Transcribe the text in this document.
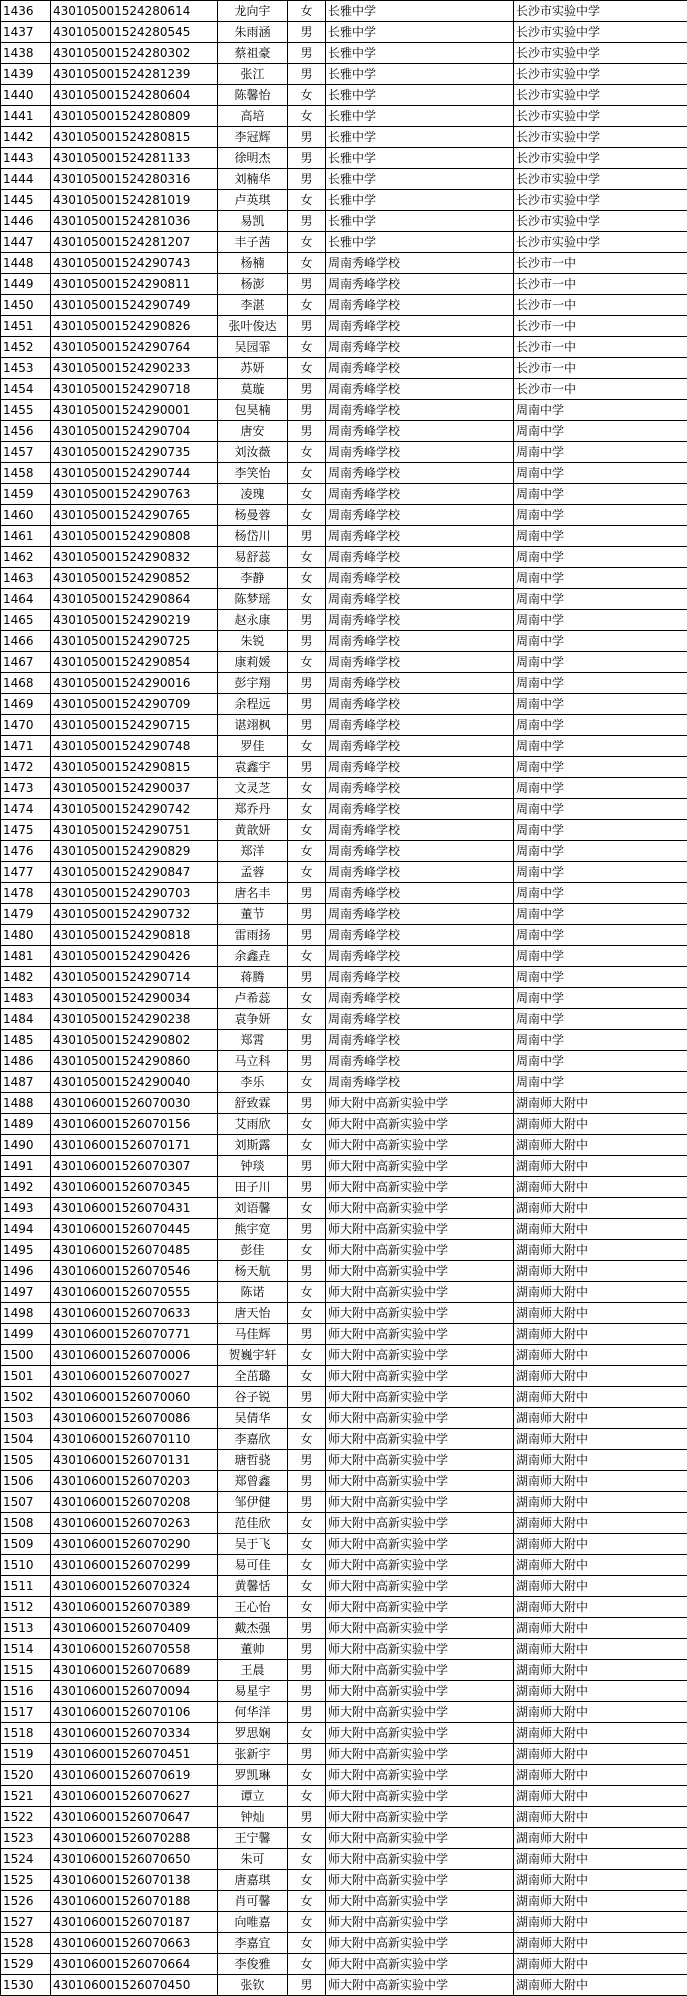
1436	430105001524280614	龙向宇	女	长雅中学	长沙市实验中学
1437	430105001524280545	朱雨涵	男	长雅中学	长沙市实验中学
1438	430105001524280302	蔡祖豪	男	长雅中学	长沙市实验中学
1439	430105001524281239	张江	男	长雅中学	长沙市实验中学
1440	430105001524280604	陈馨怡	女	长雅中学	长沙市实验中学
1441	430105001524280809	高培	女	长雅中学	长沙市实验中学
1442	430105001524280815	李冠辉	男	长雅中学	长沙市实验中学
1443	430105001524281133	徐明杰	男	长雅中学	长沙市实验中学
1444	430105001524280316	刘楠华	男	长雅中学	长沙市实验中学
1445	430105001524281019	卢英琪	女	长雅中学	长沙市实验中学
1446	430105001524281036	易凯	男	长雅中学	长沙市实验中学
1447	430105001524281207	丰子茜	女	长雅中学	长沙市实验中学
1448	430105001524290743	杨楠	女	周南秀峰学校	长沙市一中
1449	430105001524290811	杨澎	男	周南秀峰学校	长沙市一中
1450	430105001524290749	李湛	女	周南秀峰学校	长沙市一中
1451	430105001524290826	张叶俊达	男	周南秀峰学校	长沙市一中
1452	430105001524290764	吴园霏	女	周南秀峰学校	长沙市一中
1453	430105001524290233	苏妍	女	周南秀峰学校	长沙市一中
1454	430105001524290718	莫璇	男	周南秀峰学校	长沙市一中
1455	430105001524290001	包昊楠	男	周南秀峰学校	周南中学
1456	430105001524290704	唐安	男	周南秀峰学校	周南中学
1457	430105001524290735	刘汝薇	女	周南秀峰学校	周南中学
1458	430105001524290744	李笑怡	女	周南秀峰学校	周南中学
1459	430105001524290763	凌瑰	女	周南秀峰学校	周南中学
1460	430105001524290765	杨曼蓉	女	周南秀峰学校	周南中学
1461	430105001524290808	杨岱川	男	周南秀峰学校	周南中学
1462	430105001524290832	易舒蕊	女	周南秀峰学校	周南中学
1463	430105001524290852	李静	女	周南秀峰学校	周南中学
1464	430105001524290864	陈梦瑶	女	周南秀峰学校	周南中学
1465	430105001524290219	赵永康	男	周南秀峰学校	周南中学
1466	430105001524290725	朱锐	男	周南秀峰学校	周南中学
1467	430105001524290854	康莉媛	女	周南秀峰学校	周南中学
1468	430105001524290016	彭宇翔	男	周南秀峰学校	周南中学
1469	430105001524290709	余程远	男	周南秀峰学校	周南中学
1470	430105001524290715	谌翊枫	男	周南秀峰学校	周南中学
1471	430105001524290748	罗佳	女	周南秀峰学校	周南中学
1472	430105001524290815	袁鑫宇	男	周南秀峰学校	周南中学
1473	430105001524290037	文灵芝	女	周南秀峰学校	周南中学
1474	430105001524290742	郑乔丹	女	周南秀峰学校	周南中学
1475	430105001524290751	黄歆妍	女	周南秀峰学校	周南中学
1476	430105001524290829	郑洋	女	周南秀峰学校	周南中学
1477	430105001524290847	孟蓉	女	周南秀峰学校	周南中学
1478	430105001524290703	唐名丰	男	周南秀峰学校	周南中学
1479	430105001524290732	董节	男	周南秀峰学校	周南中学
1480	430105001524290818	雷雨扬	男	周南秀峰学校	周南中学
1481	430105001524290426	余鑫垚	女	周南秀峰学校	周南中学
1482	430105001524290714	蒋腾	男	周南秀峰学校	周南中学
1483	430105001524290034	卢希蕊	女	周南秀峰学校	周南中学
1484	430105001524290238	袁争妍	女	周南秀峰学校	周南中学
1485	430105001524290802	郑霄	男	周南秀峰学校	周南中学
1486	430105001524290860	马立科	男	周南秀峰学校	周南中学
1487	430105001524290040	李乐	女	周南秀峰学校	周南中学
1488	430106001526070030	舒致霖	男	师大附中高新实验中学	湖南师大附中
1489	430106001526070156	艾雨欣	女	师大附中高新实验中学	湖南师大附中
1490	430106001526070171	刘斯露	女	师大附中高新实验中学	湖南师大附中
1491	430106001526070307	钟琰	男	师大附中高新实验中学	湖南师大附中
1492	430106001526070345	田子川	男	师大附中高新实验中学	湖南师大附中
1493	430106001526070431	刘语馨	女	师大附中高新实验中学	湖南师大附中
1494	430106001526070445	熊宇宽	男	师大附中高新实验中学	湖南师大附中
1495	430106001526070485	彭佳	女	师大附中高新实验中学	湖南师大附中
1496	430106001526070546	杨天航	男	师大附中高新实验中学	湖南师大附中
1497	430106001526070555	陈诺	女	师大附中高新实验中学	湖南师大附中
1498	430106001526070633	唐天怡	女	师大附中高新实验中学	湖南师大附中
1499	430106001526070771	马佳辉	男	师大附中高新实验中学	湖南师大附中
1500	430106001526070006	贺巍宇轩	女	师大附中高新实验中学	湖南师大附中
1501	430106001526070027	全茁璐	女	师大附中高新实验中学	湖南师大附中
1502	430106001526070060	谷子锐	男	师大附中高新实验中学	湖南师大附中
1503	430106001526070086	吴倩华	女	师大附中高新实验中学	湖南师大附中
1504	430106001526070110	李嘉欣	女	师大附中高新实验中学	湖南师大附中
1505	430106001526070131	瑭哲骁	男	师大附中高新实验中学	湖南师大附中
1506	430106001526070203	郑曾鑫	男	师大附中高新实验中学	湖南师大附中
1507	430106001526070208	邹伊健	男	师大附中高新实验中学	湖南师大附中
1508	430106001526070263	范佳欣	女	师大附中高新实验中学	湖南师大附中
1509	430106001526070290	吴于飞	女	师大附中高新实验中学	湖南师大附中
1510	430106001526070299	易可佳	女	师大附中高新实验中学	湖南师大附中
1511	430106001526070324	黄馨恬	女	师大附中高新实验中学	湖南师大附中
1512	430106001526070389	王心怡	女	师大附中高新实验中学	湖南师大附中
1513	430106001526070409	戴杰强	男	师大附中高新实验中学	湖南师大附中
1514	430106001526070558	董帅	男	师大附中高新实验中学	湖南师大附中
1515	430106001526070689	王晨	男	师大附中高新实验中学	湖南师大附中
1516	430106001526070094	易星宇	男	师大附中高新实验中学	湖南师大附中
1517	430106001526070106	何华洋	男	师大附中高新实验中学	湖南师大附中
1518	430106001526070334	罗思娴	女	师大附中高新实验中学	湖南师大附中
1519	430106001526070451	张新宇	男	师大附中高新实验中学	湖南师大附中
1520	430106001526070619	罗凯琳	女	师大附中高新实验中学	湖南师大附中
1521	430106001526070627	谭立	女	师大附中高新实验中学	湖南师大附中
1522	430106001526070647	钟灿	男	师大附中高新实验中学	湖南师大附中
1523	430106001526070288	王宁馨	女	师大附中高新实验中学	湖南师大附中
1524	430106001526070650	朱可	女	师大附中高新实验中学	湖南师大附中
1525	430106001526070138	唐嘉琪	女	师大附中高新实验中学	湖南师大附中
1526	430106001526070188	肖可馨	女	师大附中高新实验中学	湖南师大附中
1527	430106001526070187	向唯嘉	女	师大附中高新实验中学	湖南师大附中
1528	430106001526070663	李嘉宜	女	师大附中高新实验中学	湖南师大附中
1529	430106001526070664	李俊雅	女	师大附中高新实验中学	湖南师大附中
1530	430106001526070450	张钦	男	师大附中高新实验中学	湖南师大附中
